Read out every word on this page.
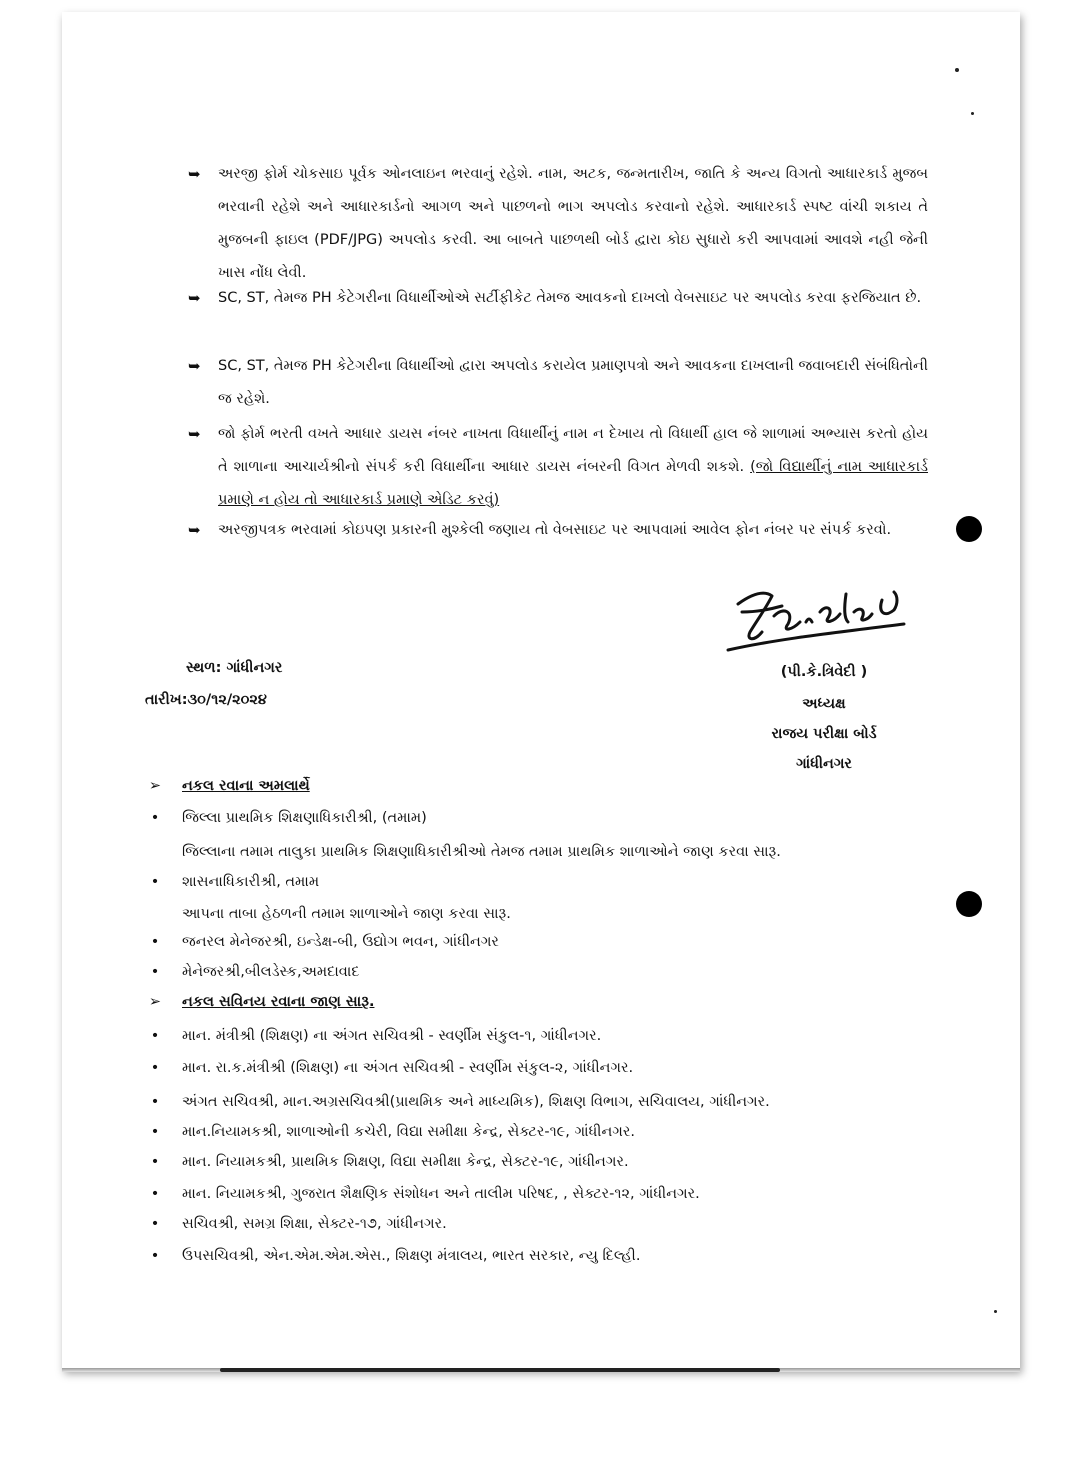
➥	અરજી ફોર્મ ચોકસાઇ પૂર્વક ઓનલાઇન ભરવાનું રહેશે. નામ, અટક, જન્મતારીખ, જાતિ કે અન્ય વિગતો આધારકાર્ડ મુજબ ભરવાની રહેશે અને આધારકાર્ડનો આગળ અને પાછળનો ભાગ અપલોડ કરવાનો રહેશે. આધારકાર્ડ સ્પષ્ટ વાંચી શકાય તે મુજબની ફાઇલ (PDF/JPG) અપલોડ કરવી. આ બાબતે પાછળથી બોર્ડ દ્વારા કોઇ સુધારો કરી આપવામાં આવશે નહી જેની ખાસ નોંધ લેવી.
➥	SC, ST, તેમજ PH કેટેગરીના વિધાર્થીઓએ સર્ટીફીકેટ તેમજ આવકનો દાખલો વેબસાઇટ પર અપલોડ કરવા ફરજિયાત છે.
➥	SC, ST, તેમજ PH કેટેગરીના વિધાર્થીઓ દ્વારા અપલોડ કરાયેલ પ્રમાણપત્રો અને આવકના દાખલાની જવાબદારી સંબંધિતોની જ રહેશે.
➥	જો ફોર્મ ભરતી વખતે આધાર ડાયસ નંબર નાખતા વિધાર્થીનું નામ ન દેખાય તો વિધાર્થી હાલ જે શાળામાં અભ્યાસ કરતો હોય તે શાળાના આચાર્યશ્રીનો સંપર્ક કરી વિધાર્થીના આધાર ડાયસ નંબરની વિગત મેળવી શકશે. (જો વિદ્યાર્થીનું નામ આધારકાર્ડ પ્રમાણે ન હોય તો આધારકાર્ડ પ્રમાણે એડિટ કરવું)
➥	અરજીપત્રક ભરવામાં કોઇપણ પ્રકારની મુશ્કેલી જણાય તો વેબસાઇટ પર આપવામાં આવેલ ફોન નંબર પર સંપર્ક કરવો.
સ્થળ: ગાંધીનગર
તારીખ:૩૦/૧૨/૨૦૨૪
(પી.કે.ત્રિવેદી )
અધ્યક્ષ
રાજય પરીક્ષા બોર્ડ
ગાંધીનગર
➢	નકલ રવાના અમલાર્થે
•	જિલ્લા પ્રાથમિક શિક્ષણાધિકારીશ્રી, (તમામ)
જિલ્લાના તમામ તાલુકા પ્રાથમિક શિક્ષણાધિકારીશ્રીઓ તેમજ તમામ પ્રાથમિક શાળાઓને જાણ કરવા સારૂ.
•	શાસનાધિકારીશ્રી, તમામ
આપના તાબા હેઠળની તમામ શાળાઓને જાણ કરવા સારૂ.
•	જનરલ મેનેજરશ્રી, ઇન્ડેક્ષ-બી, ઉદ્યોગ ભવન, ગાંધીનગર
•	મેનેજરશ્રી,બીલડેસ્ક,અમદાવાદ
➢	નકલ સવિનય રવાના જાણ સારૂ.
•	માન. મંત્રીશ્રી (શિક્ષણ) ના અંગત સચિવશ્રી - સ્વર્ણીમ સંકુલ-૧, ગાંધીનગર.
•	માન. રા.ક.મંત્રીશ્રી (શિક્ષણ) ના અંગત સચિવશ્રી - સ્વર્ણીમ સંકુલ-૨, ગાંધીનગર.
•	અંગત સચિવશ્રી, માન.અગ્રસચિવશ્રી(પ્રાથમિક અને માધ્યમિક), શિક્ષણ વિભાગ, સચિવાલય, ગાંધીનગર.
•	માન.નિયામકશ્રી, શાળાઓની કચેરી, વિદ્યા સમીક્ષા કેન્દ્ર, સેક્ટર-૧૯, ગાંધીનગર.
•	માન. નિયામકશ્રી, પ્રાથમિક શિક્ષણ, વિદ્યા સમીક્ષા કેન્દ્ર, સેક્ટર-૧૯, ગાંધીનગર.
•	માન. નિયામકશ્રી, ગુજરાત શૈક્ષણિક સંશોધન અને તાલીમ પરિષદ, , સેક્ટર-૧૨, ગાંધીનગર.
•	સચિવશ્રી, સમગ્ર શિક્ષા, સેક્ટર-૧૭, ગાંધીનગર.
•	ઉપસચિવશ્રી, એન.એમ.એમ.એસ., શિક્ષણ મંત્રાલય, ભારત સરકાર, ન્યુ દિલ્હી.
